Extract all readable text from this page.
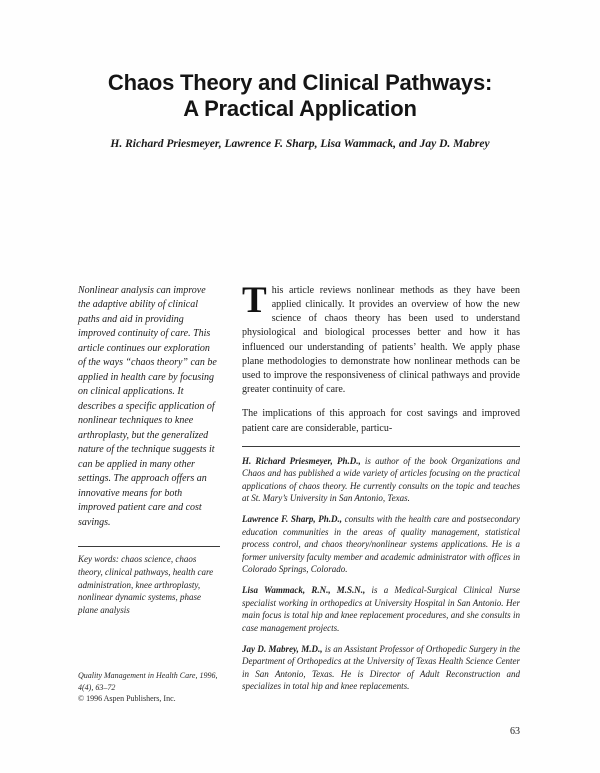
Chaos Theory and Clinical Pathways:
A Practical Application
H. Richard Priesmeyer, Lawrence F. Sharp, Lisa Wammack, and Jay D. Mabrey

Nonlinear analysis can improve the adaptive ability of clinical paths and aid in providing improved continuity of care. This article continues our exploration of the ways “chaos theory” can be applied in health care by focusing on clinical applications. It describes a specific application of nonlinear techniques to knee arthroplasty, but the generalized nature of the technique suggests it can be applied in many other settings. The approach offers an innovative means for both improved patient care and cost savings.

Key words: chaos science, chaos theory, clinical pathways, health care administration, knee arthroplasty, nonlinear dynamic systems, phase plane analysis

Quality Management in Health Care, 1996, 4(4), 63–72
© 1996 Aspen Publishers, Inc.

This article reviews nonlinear methods as they have been applied clinically. It provides an overview of how the new science of chaos theory has been used to understand physiological and biological processes better and how it has influenced our understanding of patients’ health. We apply phase plane methodologies to demonstrate how nonlinear methods can be used to improve the responsiveness of clinical pathways and provide greater continuity of care.

The implications of this approach for cost savings and improved patient care are considerable, particu-

H. Richard Priesmeyer, Ph.D., is author of the book Organizations and Chaos and has published a wide variety of articles focusing on the practical applications of chaos theory. He currently consults on the topic and teaches at St. Mary’s University in San Antonio, Texas.

Lawrence F. Sharp, Ph.D., consults with the health care and postsecondary education communities in the areas of quality management, statistical process control, and chaos theory/nonlinear systems applications. He is a former university faculty member and academic administrator with offices in Colorado Springs, Colorado.

Lisa Wammack, R.N., M.S.N., is a Medical-Surgical Clinical Nurse specialist working in orthopedics at University Hospital in San Antonio. Her main focus is total hip and knee replacement procedures, and she consults in case management projects.

Jay D. Mabrey, M.D., is an Assistant Professor of Orthopedic Surgery in the Department of Orthopedics at the University of Texas Health Science Center in San Antonio, Texas. He is Director of Adult Reconstruction and specializes in total hip and knee replacements.

63
